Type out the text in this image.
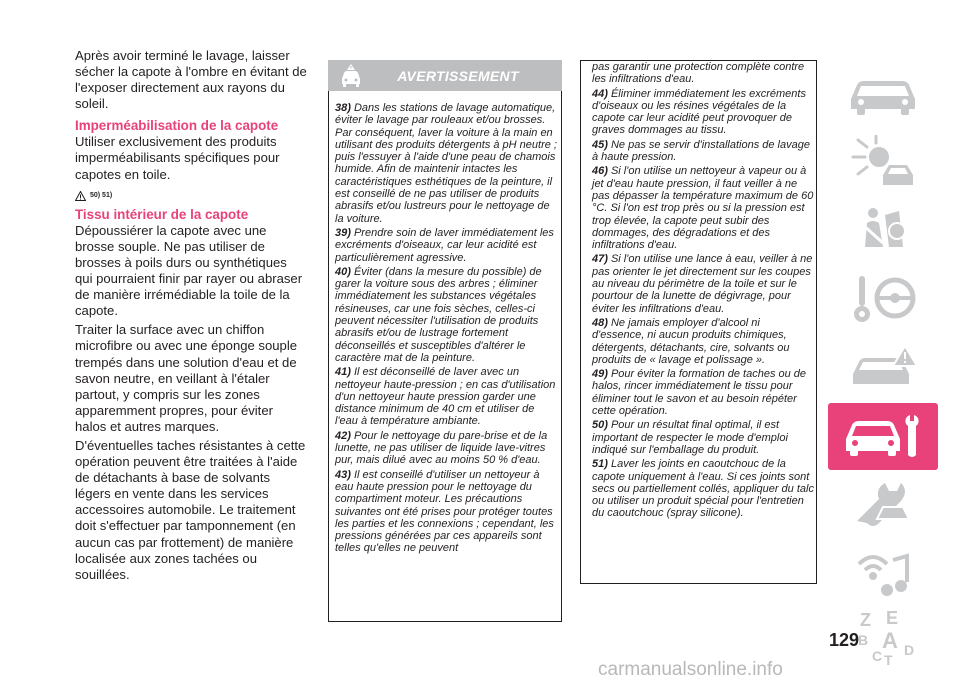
Après avoir terminé le lavage, laisser sécher la capote à l'ombre en évitant de l'exposer directement aux rayons du soleil.

Imperméabilisation de la capote

Utiliser exclusivement des produits imperméabilisants spécifiques pour capotes en toile.

50) 51)
Tissu intérieur de la capote

Dépoussiérer la capote avec une brosse souple. Ne pas utiliser de brosses à poils durs ou synthétiques qui pourraient finir par rayer ou abraser de manière irrémédiable la toile de la capote.

Traiter la surface avec un chiffon microfibre ou avec une éponge souple trempés dans une solution d'eau et de savon neutre, en veillant à l'étaler partout, y compris sur les zones apparemment propres, pour éviter halos et autres marques.

D'éventuelles taches résistantes à cette opération peuvent être traitées à l'aide de détachants à base de solvants légers en vente dans les services accessoires automobile. Le traitement doit s'effectuer par tamponnement (en aucun cas par frottement) de manière localisée aux zones tachées ou souillées.

AVERTISSEMENT

38) Dans les stations de lavage automatique, éviter le lavage par rouleaux et/ou brosses. Par conséquent, laver la voiture à la main en utilisant des produits détergents à pH neutre ; puis l'essuyer à l'aide d'une peau de chamois humide. Afin de maintenir intactes les caractéristiques esthétiques de la peinture, il est conseillé de ne pas utiliser de produits abrasifs et/ou lustreurs pour le nettoyage de la voiture.

39) Prendre soin de laver immédiatement les excréments d'oiseaux, car leur acidité est particulièrement agressive.

40) Éviter (dans la mesure du possible) de garer la voiture sous des arbres ; éliminer immédiatement les substances végétales résineuses, car une fois sèches, celles-ci peuvent nécessiter l'utilisation de produits abrasifs et/ou de lustrage fortement déconseillés et susceptibles d'altérer le caractère mat de la peinture.

41) Il est déconseillé de laver avec un nettoyeur haute-pression ; en cas d'utilisation d'un nettoyeur haute pression garder une distance minimum de 40 cm et utiliser de l'eau à température ambiante.

42) Pour le nettoyage du pare-brise et de la lunette, ne pas utiliser de liquide lave-vitres pur, mais dilué avec au moins 50 % d'eau.

43) Il est conseillé d'utiliser un nettoyeur à eau haute pression pour le nettoyage du compartiment moteur. Les précautions suivantes ont été prises pour protéger toutes les parties et les connexions ; cependant, les pressions générées par ces appareils sont telles qu'elles ne peuvent

pas garantir une protection complète contre les infiltrations d'eau.

44) Éliminer immédiatement les excréments d'oiseaux ou les résines végétales de la capote car leur acidité peut provoquer de graves dommages au tissu.

45) Ne pas se servir d'installations de lavage à haute pression.

46) Si l'on utilise un nettoyeur à vapeur ou à jet d'eau haute pression, il faut veiller à ne pas dépasser la température maximum de 60 °C. Si l'on est trop près ou si la pression est trop élevée, la capote peut subir des dommages, des dégradations et des infiltrations d'eau.

47) Si l'on utilise une lance à eau, veiller à ne pas orienter le jet directement sur les coupes au niveau du périmètre de la toile et sur le pourtour de la lunette de dégivrage, pour éviter les infiltrations d'eau.

48) Ne jamais employer d'alcool ni d'essence, ni aucun produits chimiques, détergents, détachants, cire, solvants ou produits de « lavage et polissage ».

49) Pour éviter la formation de taches ou de halos, rincer immédiatement le tissu pour éliminer tout le savon et au besoin répéter cette opération.

50) Pour un résultat final optimal, il est important de respecter le mode d'emploi indiqué sur l'emballage du produit.

51) Laver les joints en caoutchouc de la capote uniquement à l'eau. Si ces joints sont secs ou partiellement collés, appliquer du talc ou utiliser un produit spécial pour l'entretien du caoutchouc (spray silicone).

Z E
B A
C T
D
129
carmanualsonline.info
